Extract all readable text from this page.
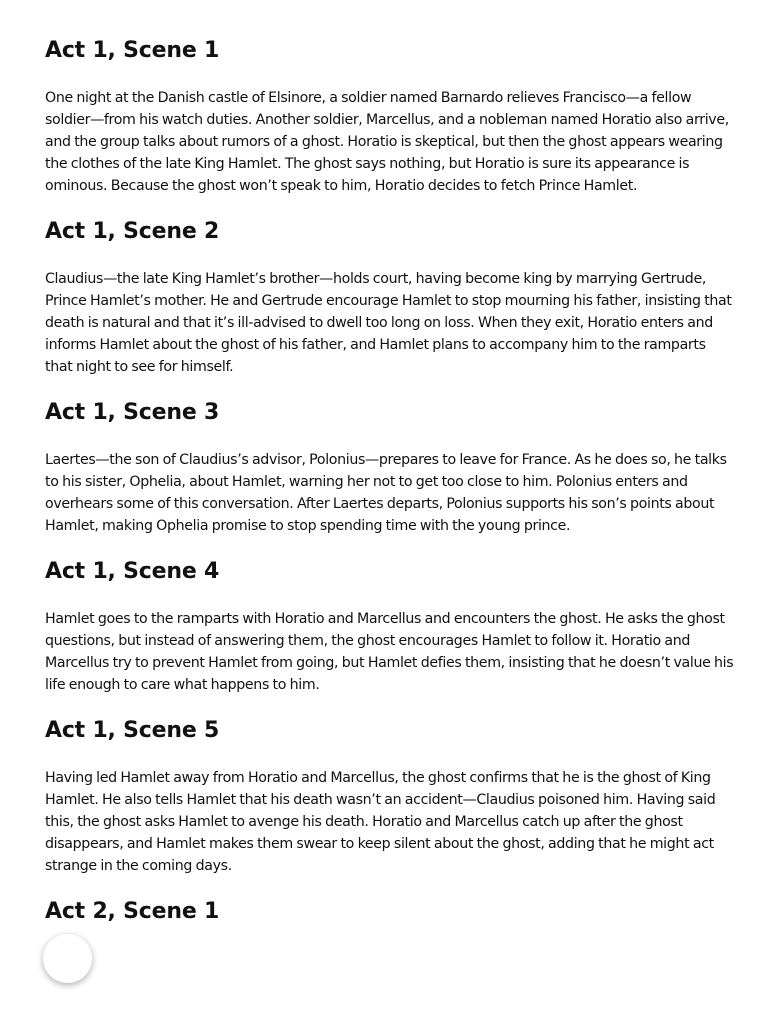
Act 1, Scene 1

One night at the Danish castle of Elsinore, a soldier named Barnardo relieves Francisco—a fellow soldier—from his watch duties. Another soldier, Marcellus, and a nobleman named Horatio also arrive, and the group talks about rumors of a ghost. Horatio is skeptical, but then the ghost appears wearing the clothes of the late King Hamlet. The ghost says nothing, but Horatio is sure its appearance is ominous. Because the ghost won’t speak to him, Horatio decides to fetch Prince Hamlet.

Act 1, Scene 2

Claudius—the late King Hamlet’s brother—holds court, having become king by marrying Gertrude, Prince Hamlet’s mother. He and Gertrude encourage Hamlet to stop mourning his father, insisting that death is natural and that it’s ill-advised to dwell too long on loss. When they exit, Horatio enters and informs Hamlet about the ghost of his father, and Hamlet plans to accompany him to the ramparts that night to see for himself.

Act 1, Scene 3

Laertes—the son of Claudius’s advisor, Polonius—prepares to leave for France. As he does so, he talks to his sister, Ophelia, about Hamlet, warning her not to get too close to him. Polonius enters and overhears some of this conversation. After Laertes departs, Polonius supports his son’s points about Hamlet, making Ophelia promise to stop spending time with the young prince.

Act 1, Scene 4

Hamlet goes to the ramparts with Horatio and Marcellus and encounters the ghost. He asks the ghost questions, but instead of answering them, the ghost encourages Hamlet to follow it. Horatio and Marcellus try to prevent Hamlet from going, but Hamlet defies them, insisting that he doesn’t value his life enough to care what happens to him.

Act 1, Scene 5

Having led Hamlet away from Horatio and Marcellus, the ghost confirms that he is the ghost of King Hamlet. He also tells Hamlet that his death wasn’t an accident—Claudius poisoned him. Having said this, the ghost asks Hamlet to avenge his death. Horatio and Marcellus catch up after the ghost disappears, and Hamlet makes them swear to keep silent about the ghost, adding that he might act strange in the coming days.

Act 2, Scene 1
